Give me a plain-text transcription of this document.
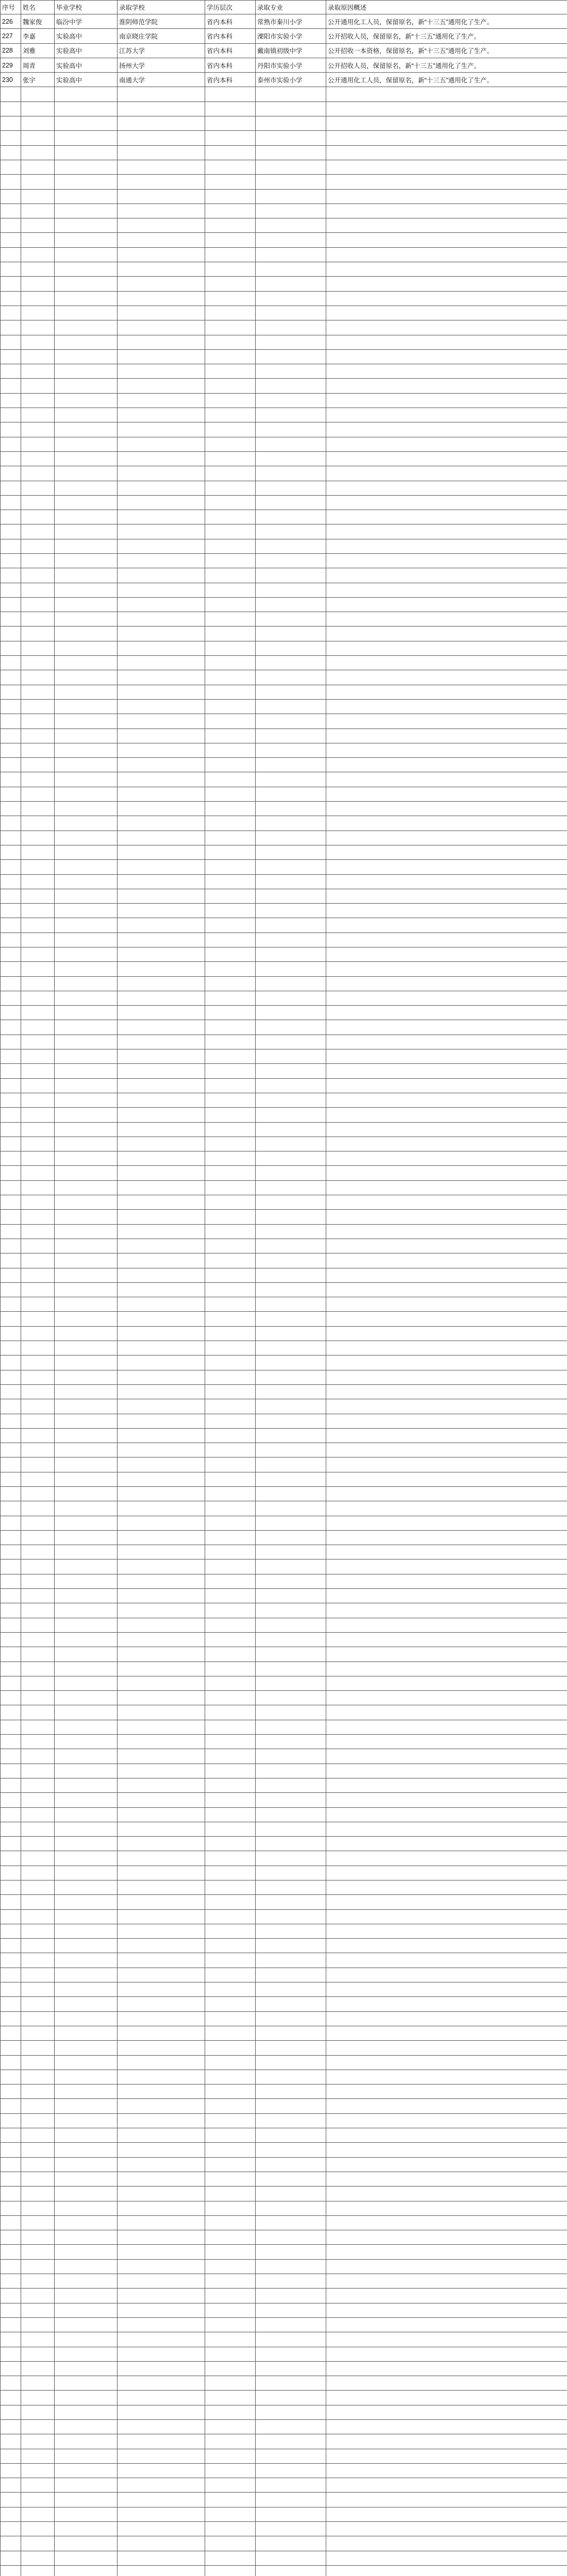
序号	姓名	毕业学校	录取学校	学历层次	录取专业	录取原因概述
226	魏家俊	临汾中学	淮阴师范学院	省内本科	常熟市秦川小学	公开通用化工人员，保留原名，新“十三五”通用化了生产。
227	李嘉	实验高中	南京晓庄学院	省内本科	溧阳市实验小学	公开招收人员，保留原名，新“十三五”通用化了生产。
228	刘雅	实验高中	江苏大学	省内本科	戴南镇初级中学	公开招收一本资格，保留原名，新“十三五”通用化了生产。
229	周青	实验高中	扬州大学	省内本科	丹阳市实验小学	公开招收人员，保留原名，新“十三五”通用化了生产。
230	张宇	实验高中	南通大学	省内本科	泰州市实验小学	公开通用化工人员，保留原名，新“十三五”通用化了生产。
